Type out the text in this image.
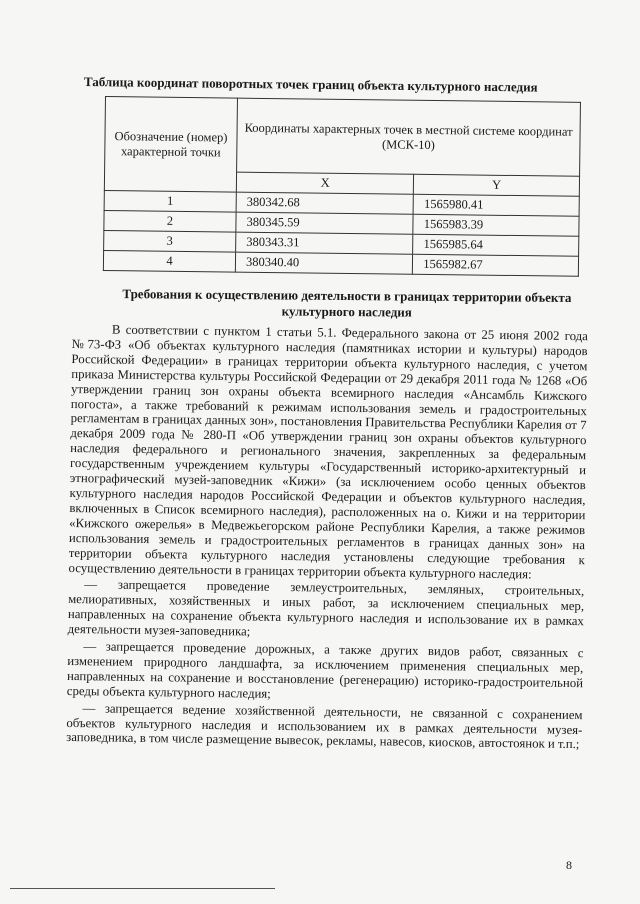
Таблица координат поворотных точек границ объекта культурного наследия
Обозначение (номер) характерной точки	Координаты характерных точек в местной системе координат (МСК-10)	
	X	Y
1	380342.68	1565980.41
2	380345.59	1565983.39
3	380343.31	1565985.64
4	380340.40	1565982.67
Требования к осуществлению деятельности в границах территории объекта культурного наследия

В соответствии с пунктом 1 статьи 5.1. Федерального закона от 25 июня 2002 года №73-ФЗ «Об объектах культурного наследия (памятниках истории и культуры) народов Российской Федерации» в границах территории объекта культурного наследия, с учетом приказа Министерства культуры Российской Федерации от 29 декабря 2011 года № 1268 «Об утверждении границ зон охраны объекта всемирного наследия «Ансамбль Кижского погоста», а также требований к режимам использования земель и градостроительных регламентам в границах данных зон», постановления Правительства Республики Карелия от 7 декабря 2009 года № 280-П «Об утверждении границ зон охраны объектов культурного наследия федерального и регионального значения, закрепленных за федеральным государственным учреждением культуры «Государственный историко-архитектурный и этнографический музей-заповедник «Кижи» (за исключением особо ценных объектов культурного наследия народов Российской Федерации и объектов культурного наследия, включенных в Список всемирного наследия), расположенных на о. Кижи и на территории «Кижского ожерелья» в Медвежьегорском районе Республики Карелия, а также режимов использования земель и градостроительных регламентов в границах данных зон» на территории объекта культурного наследия установлены следующие требования к осуществлению деятельности в границах территории объекта культурного наследия:

— запрещается проведение землеустроительных, земляных, строительных, мелиоративных, хозяйственных и иных работ, за исключением специальных мер, направленных на сохранение объекта культурного наследия и использование их в рамках деятельности музея-заповедника;

— запрещается проведение дорожных, а также других видов работ, связанных с изменением природного ландшафта, за исключением применения специальных мер, направленных на сохранение и восстановление (регенерацию) историко-градостроительной среды объекта культурного наследия;

— запрещается ведение хозяйственной деятельности, не связанной с сохранением объектов культурного наследия и использованием их в рамках деятельности музея-заповедника, в том числе размещение вывесок, рекламы, навесов, киосков, автостоянок и т.п.;

8
